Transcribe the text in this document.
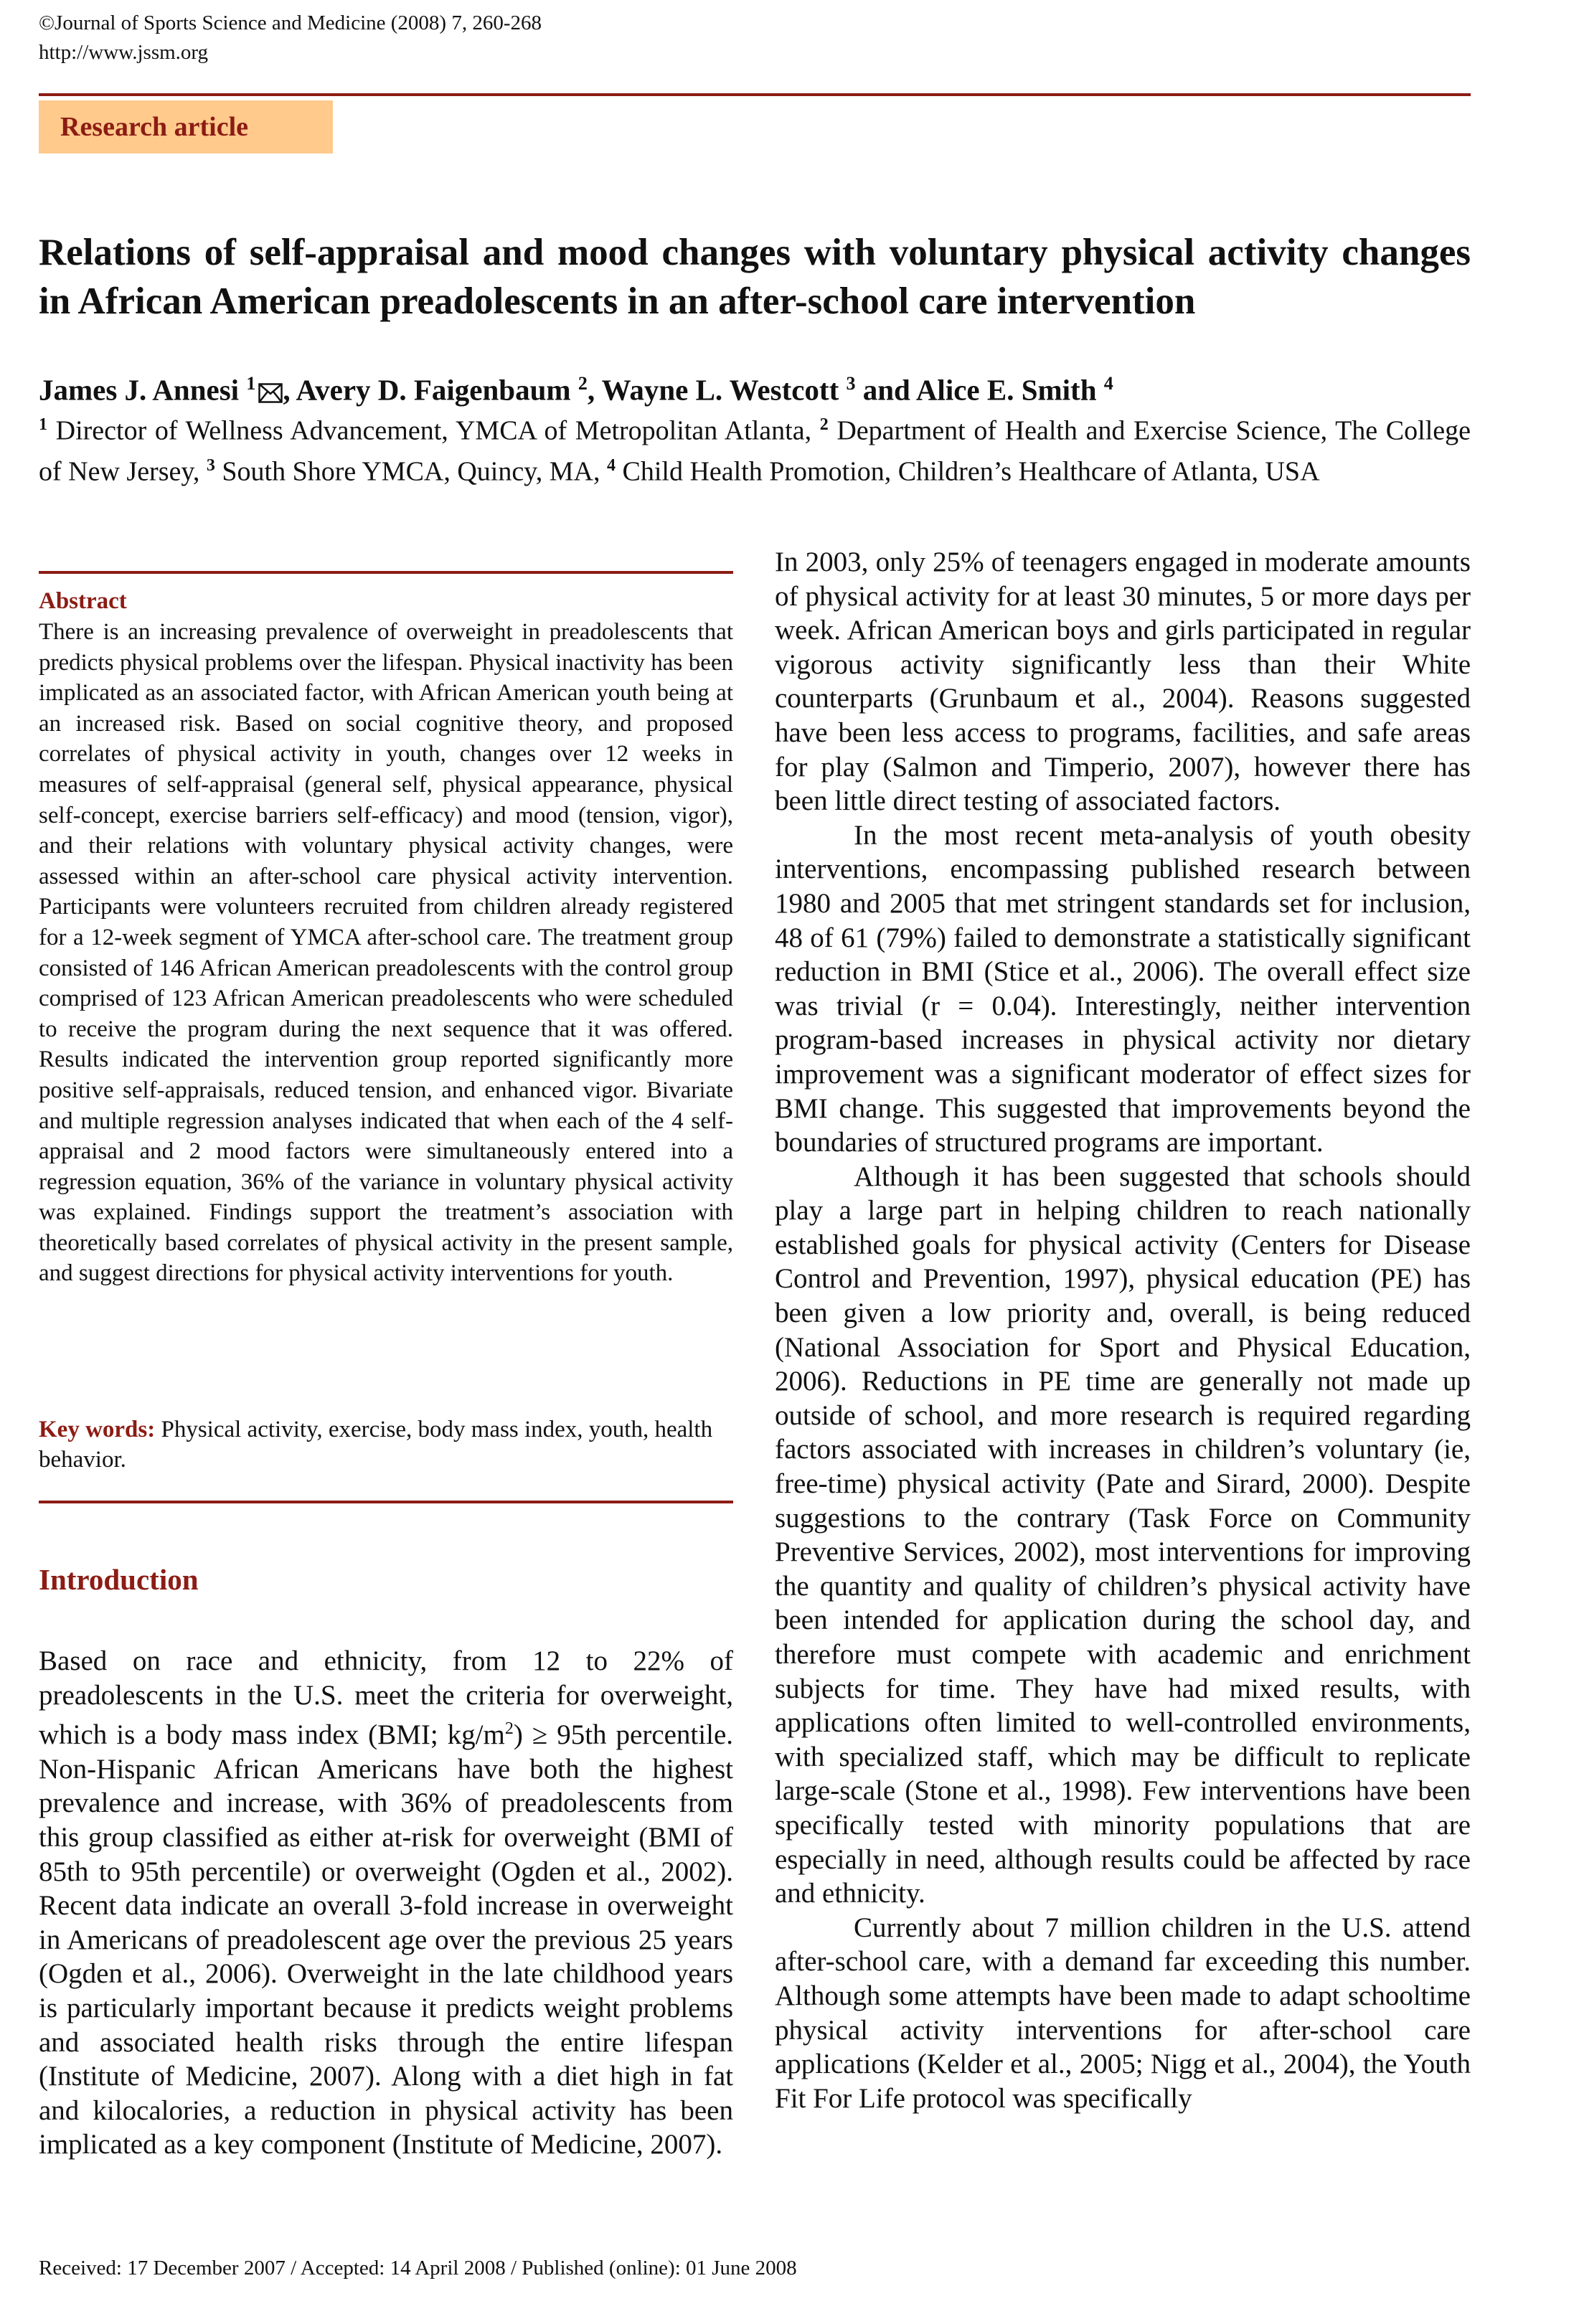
©Journal of Sports Science and Medicine (2008) 7, 260-268
http://www.jssm.org
Research article
Relations of self-appraisal and mood changes with voluntary physical activity changes in African American preadolescents in an after-school care intervention
James J. Annesi $^1$ , Avery D. Faigenbaum $^2$, Wayne L. Westcott $^3$ and Alice E. Smith $^4$
$^1$ Director of Wellness Advancement, YMCA of Metropolitan Atlanta, $^2$ Department of Health and Exercise Science, The College of New Jersey, $^3$ South Shore YMCA, Quincy, MA, $^4$ Child Health Promotion, Children’s Healthcare of Atlanta, USA
Abstract
There is an increasing prevalence of overweight in preadolescents that predicts physical problems over the lifespan. Physical inactivity has been implicated as an associated factor, with African American youth being at an increased risk. Based on social cognitive theory, and proposed correlates of physical activity in youth, changes over 12 weeks in measures of self-appraisal (general self, physical appearance, physical self-concept, exercise barriers self-efficacy) and mood (tension, vigor), and their relations with voluntary physical activity changes, were assessed within an after-school care physical activity intervention. Participants were volunteers recruited from children already registered for a 12-week segment of YMCA after-school care. The treatment group consisted of 146 African American preadolescents with the control group comprised of 123 African American preadolescents who were scheduled to receive the program during the next sequence that it was offered. Results indicated the intervention group reported significantly more positive self-appraisals, reduced tension, and enhanced vigor. Bivariate and multiple regression analyses indicated that when each of the 4 self-appraisal and 2 mood factors were simultaneously entered into a regression equation, 36% of the variance in voluntary physical activity was explained. Findings support the treatment’s association with theoretically based correlates of physical activity in the present sample, and suggest directions for physical activity interventions for youth.
Key words: Physical activity, exercise, body mass index, youth, health behavior.
Introduction

Based on race and ethnicity, from 12 to 22% of preadolescents in the U.S. meet the criteria for overweight, which is a body mass index (BMI; $kg/m^2) \ge 95th$ percentile. Non-Hispanic African Americans have both the highest prevalence and increase, with 36% of preadolescents from this group classified as either at-risk for overweight (BMI of 85th to 95th percentile) or overweight (Ogden et al., 2002). Recent data indicate an overall 3-fold increase in overweight in Americans of preadolescent age over the previous 25 years (Ogden et al., 2006). Overweight in the late childhood years is particularly important because it predicts weight problems and associated health risks through the entire lifespan (Institute of Medicine, 2007). Along with a diet high in fat and kilocalories, a reduction in physical activity has been implicated as a key component (Institute of Medicine, 2007).

In 2003, only 25% of teenagers engaged in moderate amounts of physical activity for at least 30 minutes, 5 or more days per week. African American boys and girls participated in regular vigorous activity significantly less than their White counterparts (Grunbaum et al., 2004). Reasons suggested have been less access to programs, facilities, and safe areas for play (Salmon and Timperio, 2007), however there has been little direct testing of associated factors.

In the most recent meta-analysis of youth obesity interventions, encompassing published research between 1980 and 2005 that met stringent standards set for inclusion, 48 of 61 (79%) failed to demonstrate a statistically significant reduction in BMI (Stice et al., 2006). The overall effect size was trivial (r = 0.04). Interestingly, neither intervention program-based increases in physical activity nor dietary improvement was a significant moderator of effect sizes for BMI change. This suggested that improvements beyond the boundaries of structured programs are important.

Although it has been suggested that schools should play a large part in helping children to reach nationally established goals for physical activity (Centers for Disease Control and Prevention, 1997), physical education (PE) has been given a low priority and, overall, is being reduced (National Association for Sport and Physical Education, 2006). Reductions in PE time are generally not made up outside of school, and more research is required regarding factors associated with increases in children’s voluntary (ie, free-time) physical activity (Pate and Sirard, 2000). Despite suggestions to the contrary (Task Force on Community Preventive Services, 2002), most interventions for improving the quantity and quality of children’s physical activity have been intended for application during the school day, and therefore must compete with academic and enrichment subjects for time. They have had mixed results, with applications often limited to well-controlled environments, with specialized staff, which may be difficult to replicate large-scale (Stone et al., 1998). Few interventions have been specifically tested with minority populations that are especially in need, although results could be affected by race and ethnicity.

Currently about 7 million children in the U.S. attend after-school care, with a demand far exceeding this number. Although some attempts have been made to adapt schooltime physical activity interventions for after-school care applications (Kelder et al., 2005; Nigg et al., 2004), the Youth Fit For Life protocol was specifically

Received: 17 December 2007 / Accepted: 14 April 2008 / Published (online): 01 June 2008
